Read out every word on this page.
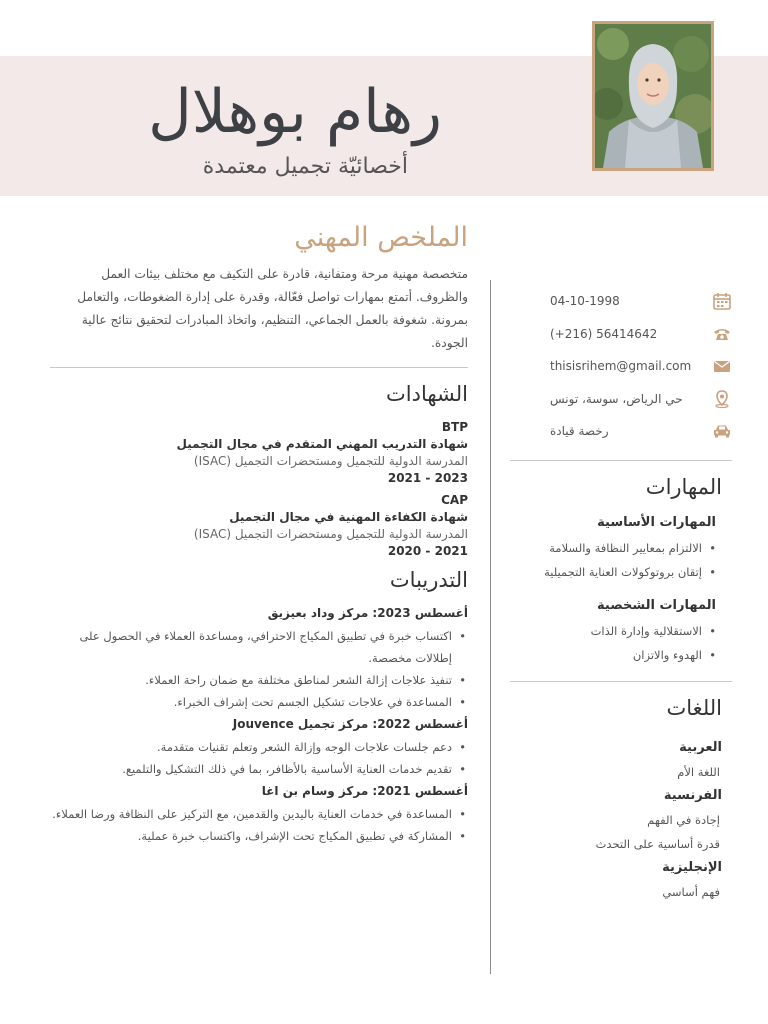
رهام بوهلال
أخصائيّة تجميل معتمدة
الملخص المهني

متخصصة مهنية مرحة ومتفانية، قادرة على التكيف مع مختلف بيئات العمل والظروف. أتمتع بمهارات تواصل فعّالة، وقدرة على إدارة الضغوطات، والتعامل بمرونة. شغوفة بالعمل الجماعي، التنظيم، واتخاذ المبادرات لتحقيق نتائج عالية الجودة.

الشهادات
BTP
شهادة التدريب المهني المتقدم في مجال التجميل
المدرسة الدولية للتجميل ومستحضرات التجميل (ISAC)
2021 - 2023
CAP
شهادة الكفاءة المهنية في مجال التجميل
المدرسة الدولية للتجميل ومستحضرات التجميل (ISAC)
2020 - 2021
التدريبات
أغسطس 2023: مركز وداد بعيزيق
• اكتساب خبرة في تطبيق المكياج الاحترافي، ومساعدة العملاء في الحصول على إطلالات مخصصة.
• تنفيذ علاجات إزالة الشعر لمناطق مختلفة مع ضمان راحة العملاء.
• المساعدة في علاجات تشكيل الجسم تحت إشراف الخبراء.
أغسطس 2022: مركز تجميل Jouvence
• دعم جلسات علاجات الوجه وإزالة الشعر وتعلم تقنيات متقدمة.
• تقديم خدمات العناية الأساسية بالأظافر، بما في ذلك التشكيل والتلميع.
أغسطس 2021: مركز وسام بن اغا
• المساعدة في خدمات العناية باليدين والقدمين، مع التركيز على النظافة ورضا العملاء.
• المشاركة في تطبيق المكياج تحت الإشراف، واكتساب خبرة عملية.
04-10-1998
(+216) 56414642
thisisrihem@gmail.com
حي الرياض، سوسة، تونس
رخصة قيادة
المهارات
المهارات الأساسية
• الالتزام بمعايير النظافة والسلامة
• إتقان بروتوكولات العناية التجميلية
المهارات الشخصية
• الاستقلالية وإدارة الذات
• الهدوء والاتزان
اللغات
العربية
اللغة الأم
الفرنسية
إجادة في الفهم
قدرة أساسية على التحدث
الإنجليزية
فهم أساسي
